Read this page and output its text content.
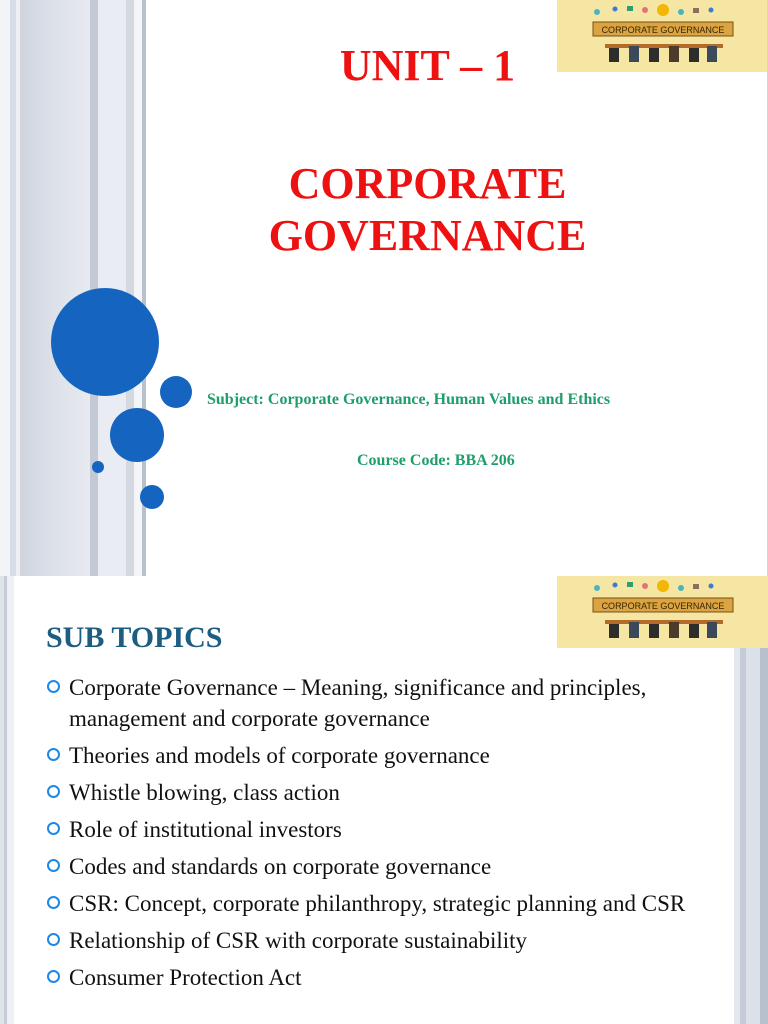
CORPORATE GOVERNANCE
UNIT – 1
CORPORATE
GOVERNANCE
Subject: Corporate Governance, Human Values and Ethics
Course Code: BBA 206
CORPORATE GOVERNANCE
SUB TOPICS
Corporate Governance – Meaning, significance and principles, management and corporate governance
Theories and models of corporate governance
Whistle blowing, class action
Role of institutional investors
Codes and standards on corporate governance
CSR: Concept, corporate philanthropy, strategic planning and CSR
Relationship of CSR with corporate sustainability
Consumer Protection Act
